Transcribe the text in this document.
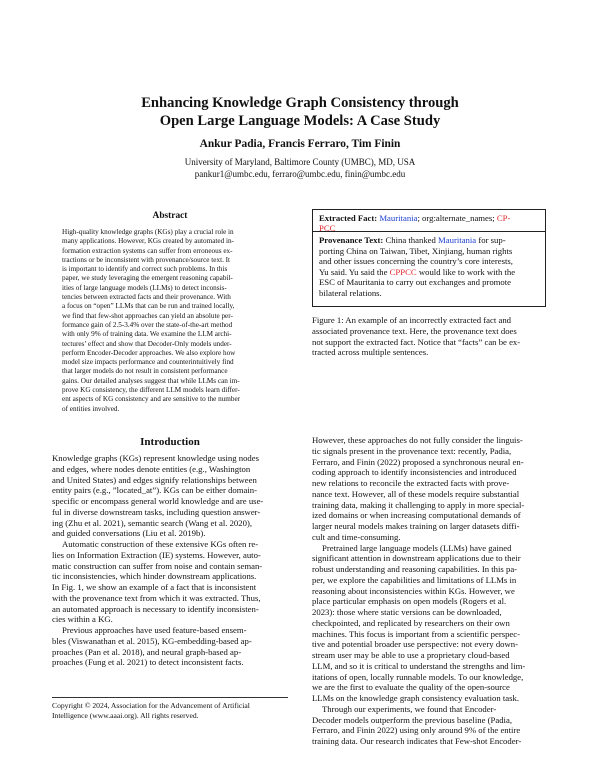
Enhancing Knowledge Graph Consistency through
Open Large Language Models: A Case Study
Ankur Padia, Francis Ferraro, Tim Finin
University of Maryland, Baltimore County (UMBC), MD, USA
pankur1@umbc.edu, ferraro@umbc.edu, finin@umbc.edu
Abstract
High-quality knowledge graphs (KGs) play a crucial role in
many applications. However, KGs created by automated in-
formation extraction systems can suffer from erroneous ex-
tractions or be inconsistent with provenance/source text. It
is important to identify and correct such problems. In this
paper, we study leveraging the emergent reasoning capabil-
ities of large language models (LLMs) to detect inconsis-
tencies between extracted facts and their provenance. With
a focus on “open” LLMs that can be run and trained locally,
we find that few-shot approaches can yield an absolute per-
formance gain of 2.5-3.4% over the state-of-the-art method
with only 9% of training data. We examine the LLM archi-
tectures’ effect and show that Decoder-Only models under-
perform Encoder-Decoder approaches. We also explore how
model size impacts performance and counterintuitively find
that larger models do not result in consistent performance
gains. Our detailed analyses suggest that while LLMs can im-
prove KG consistency, the different LLM models learn differ-
ent aspects of KG consistency and are sensitive to the number
of entities involved.
Introduction
Knowledge graphs (KGs) represent knowledge using nodes
and edges, where nodes denote entities (e.g., Washington
and United States) and edges signify relationships between
entity pairs (e.g., ”located_at”). KGs can be either domain-
specific or encompass general world knowledge and are use-
ful in diverse downstream tasks, including question answer-
ing (Zhu et al. 2021), semantic search (Wang et al. 2020),
and guided conversations (Liu et al. 2019b).
Automatic construction of these extensive KGs often re-
lies on Information Extraction (IE) systems. However, auto-
matic construction can suffer from noise and contain seman-
tic inconsistencies, which hinder downstream applications.
In Fig. 1, we show an example of a fact that is inconsistent
with the provenance text from which it was extracted. Thus,
an automated approach is necessary to identify inconsisten-
cies within a KG.
Previous approaches have used feature-based ensem-
bles (Viswanathan et al. 2015), KG-embedding-based ap-
proaches (Pan et al. 2018), and neural graph-based ap-
proaches (Fung et al. 2021) to detect inconsistent facts.
Copyright © 2024, Association for the Advancement of Artificial
Intelligence (www.aaai.org). All rights reserved.
Extracted Fact: Mauritania; org:alternate_names; CP-
PCC
Provenance Text: China thanked Mauritania for sup-
porting China on Taiwan, Tibet, Xinjiang, human rights
and other issues concerning the country’s core interests,
Yu said. Yu said the CPPCC would like to work with the
ESC of Mauritania to carry out exchanges and promote
bilateral relations.
Figure 1: An example of an incorrectly extracted fact and
associated provenance text. Here, the provenance text does
not support the extracted fact. Notice that “facts” can be ex-
tracted across multiple sentences.
However, these approaches do not fully consider the linguis-
tic signals present in the provenance text: recently, Padia,
Ferraro, and Finin (2022) proposed a synchronous neural en-
coding approach to identify inconsistencies and introduced
new relations to reconcile the extracted facts with prove-
nance text. However, all of these models require substantial
training data, making it challenging to apply in more special-
ized domains or when increasing computational demands of
larger neural models makes training on larger datasets diffi-
cult and time-consuming.
Pretrained large language models (LLMs) have gained
significant attention in downstream applications due to their
robust understanding and reasoning capabilities. In this pa-
per, we explore the capabilities and limitations of LLMs in
reasoning about inconsistencies within KGs. However, we
place particular emphasis on open models (Rogers et al.
2023): those where static versions can be downloaded,
checkpointed, and replicated by researchers on their own
machines. This focus is important from a scientific perspec-
tive and potential broader use perspective: not every down-
stream user may be able to use a proprietary cloud-based
LLM, and so it is critical to understand the strengths and lim-
itations of open, locally runnable models. To our knowledge,
we are the first to evaluate the quality of the open-source
LLMs on the knowledge graph consistency evaluation task.
Through our experiments, we found that Encoder-
Decoder models outperform the previous baseline (Padia,
Ferraro, and Finin 2022) using only around 9% of the entire
training data. Our research indicates that Few-shot Encoder-
